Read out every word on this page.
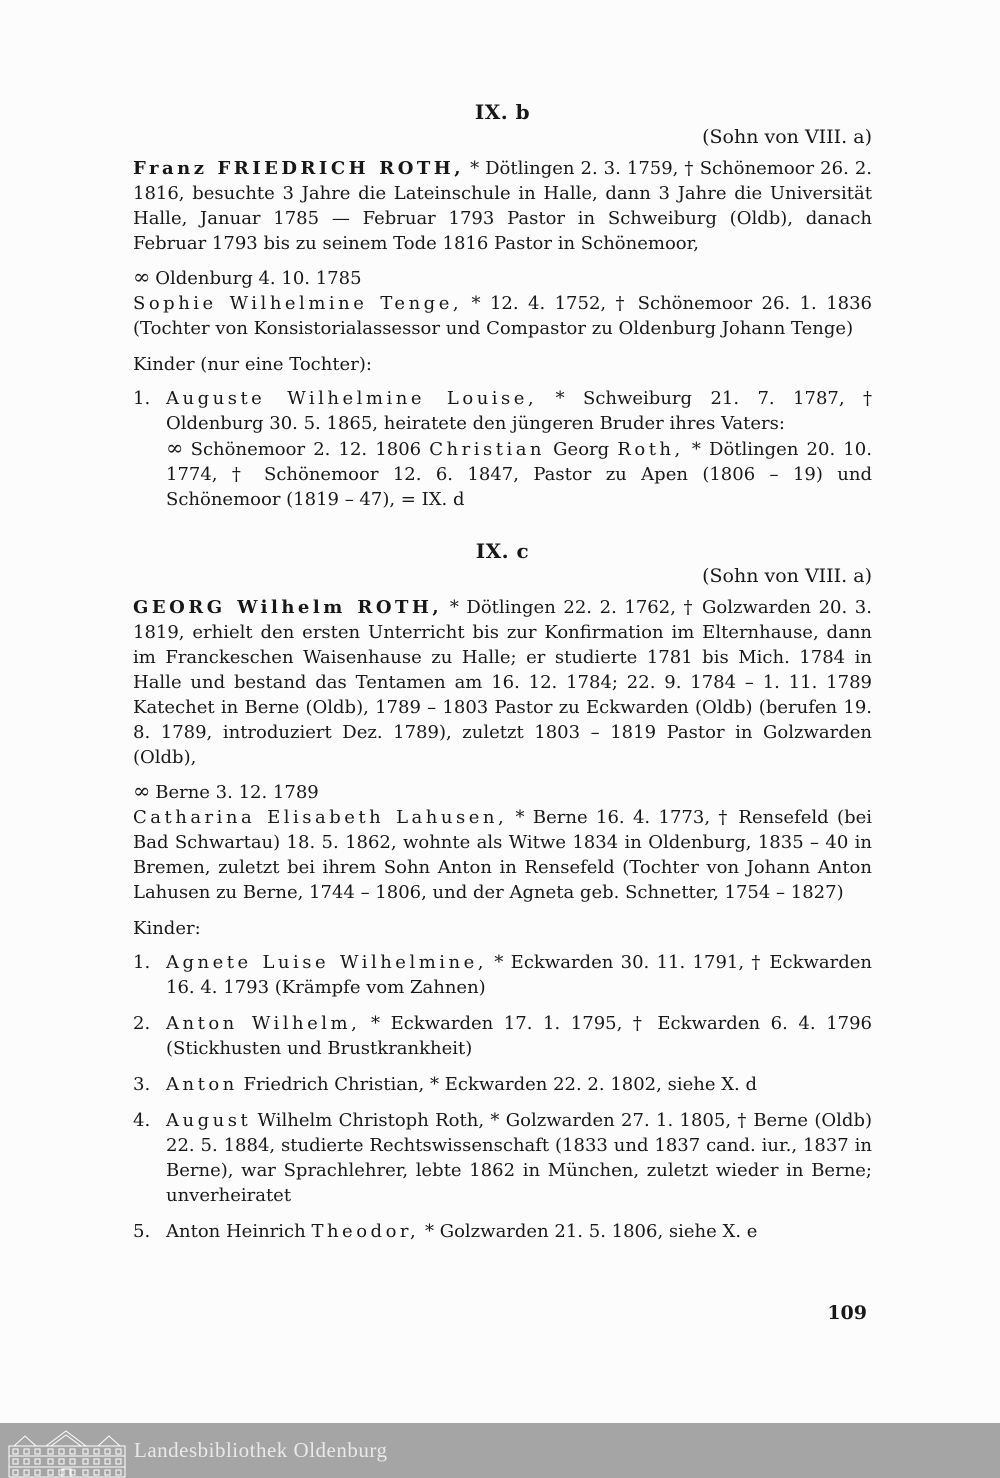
IX. b
(Sohn von VIII. a)

Franz FRIEDRICH ROTH, * Dötlingen 2. 3. 1759, † Schönemoor 26. 2. 1816, besuchte 3 Jahre die Lateinschule in Halle, dann 3 Jahre die Universität Halle, Januar 1785 — Februar 1793 Pastor in Schweiburg (Oldb), danach Februar 1793 bis zu seinem Tode 1816 Pastor in Schönemoor,

∞ Oldenburg 4. 10. 1785

Sophie Wilhelmine Tenge, * 12. 4. 1752, † Schönemoor 26. 1. 1836 (Tochter von Konsistorialassessor und Compastor zu Oldenburg Johann Tenge)

Kinder (nur eine Tochter):

1. Auguste Wilhelmine Louise, * Schweiburg 21. 7. 1787, † Oldenburg 30. 5. 1865, heiratete den jüngeren Bruder ihres Vaters:

∞ Schönemoor 2. 12. 1806 Christian Georg Roth, * Dötlingen 20. 10. 1774, † Schönemoor 12. 6. 1847, Pastor zu Apen (1806 – 19) und Schönemoor (1819 – 47), = IX. d

IX. c
(Sohn von VIII. a)

GEORG Wilhelm ROTH, * Dötlingen 22. 2. 1762, † Golzwarden 20. 3. 1819, erhielt den ersten Unterricht bis zur Konfirmation im Elternhause, dann im Franckeschen Waisenhause zu Halle; er studierte 1781 bis Mich. 1784 in Halle und bestand das Tentamen am 16. 12. 1784; 22. 9. 1784 – 1. 11. 1789 Katechet in Berne (Oldb), 1789 – 1803 Pastor zu Eckwarden (Oldb) (berufen 19. 8. 1789, introduziert Dez. 1789), zuletzt 1803 – 1819 Pastor in Golzwarden (Oldb),

∞ Berne 3. 12. 1789

Catharina Elisabeth Lahusen, * Berne 16. 4. 1773, † Rensefeld (bei Bad Schwartau) 18. 5. 1862, wohnte als Witwe 1834 in Oldenburg, 1835 – 40 in Bremen, zuletzt bei ihrem Sohn Anton in Rensefeld (Tochter von Johann Anton Lahusen zu Berne, 1744 – 1806, und der Agneta geb. Schnetter, 1754 – 1827)

Kinder:

1. Agnete Luise Wilhelmine, * Eckwarden 30. 11. 1791, † Eckwarden 16. 4. 1793 (Krämpfe vom Zahnen)

2. Anton Wilhelm, * Eckwarden 17. 1. 1795, † Eckwarden 6. 4. 1796 (Stickhusten und Brustkrankheit)

3. Anton Friedrich Christian, * Eckwarden 22. 2. 1802, siehe X. d

4. August Wilhelm Christoph Roth, * Golzwarden 27. 1. 1805, † Berne (Oldb) 22. 5. 1884, studierte Rechtswissenschaft (1833 und 1837 cand. iur., 1837 in Berne), war Sprachlehrer, lebte 1862 in München, zuletzt wieder in Berne; unverheiratet

5. Anton Heinrich Theodor, * Golzwarden 21. 5. 1806, siehe X. e

109
Landesbibliothek Oldenburg
